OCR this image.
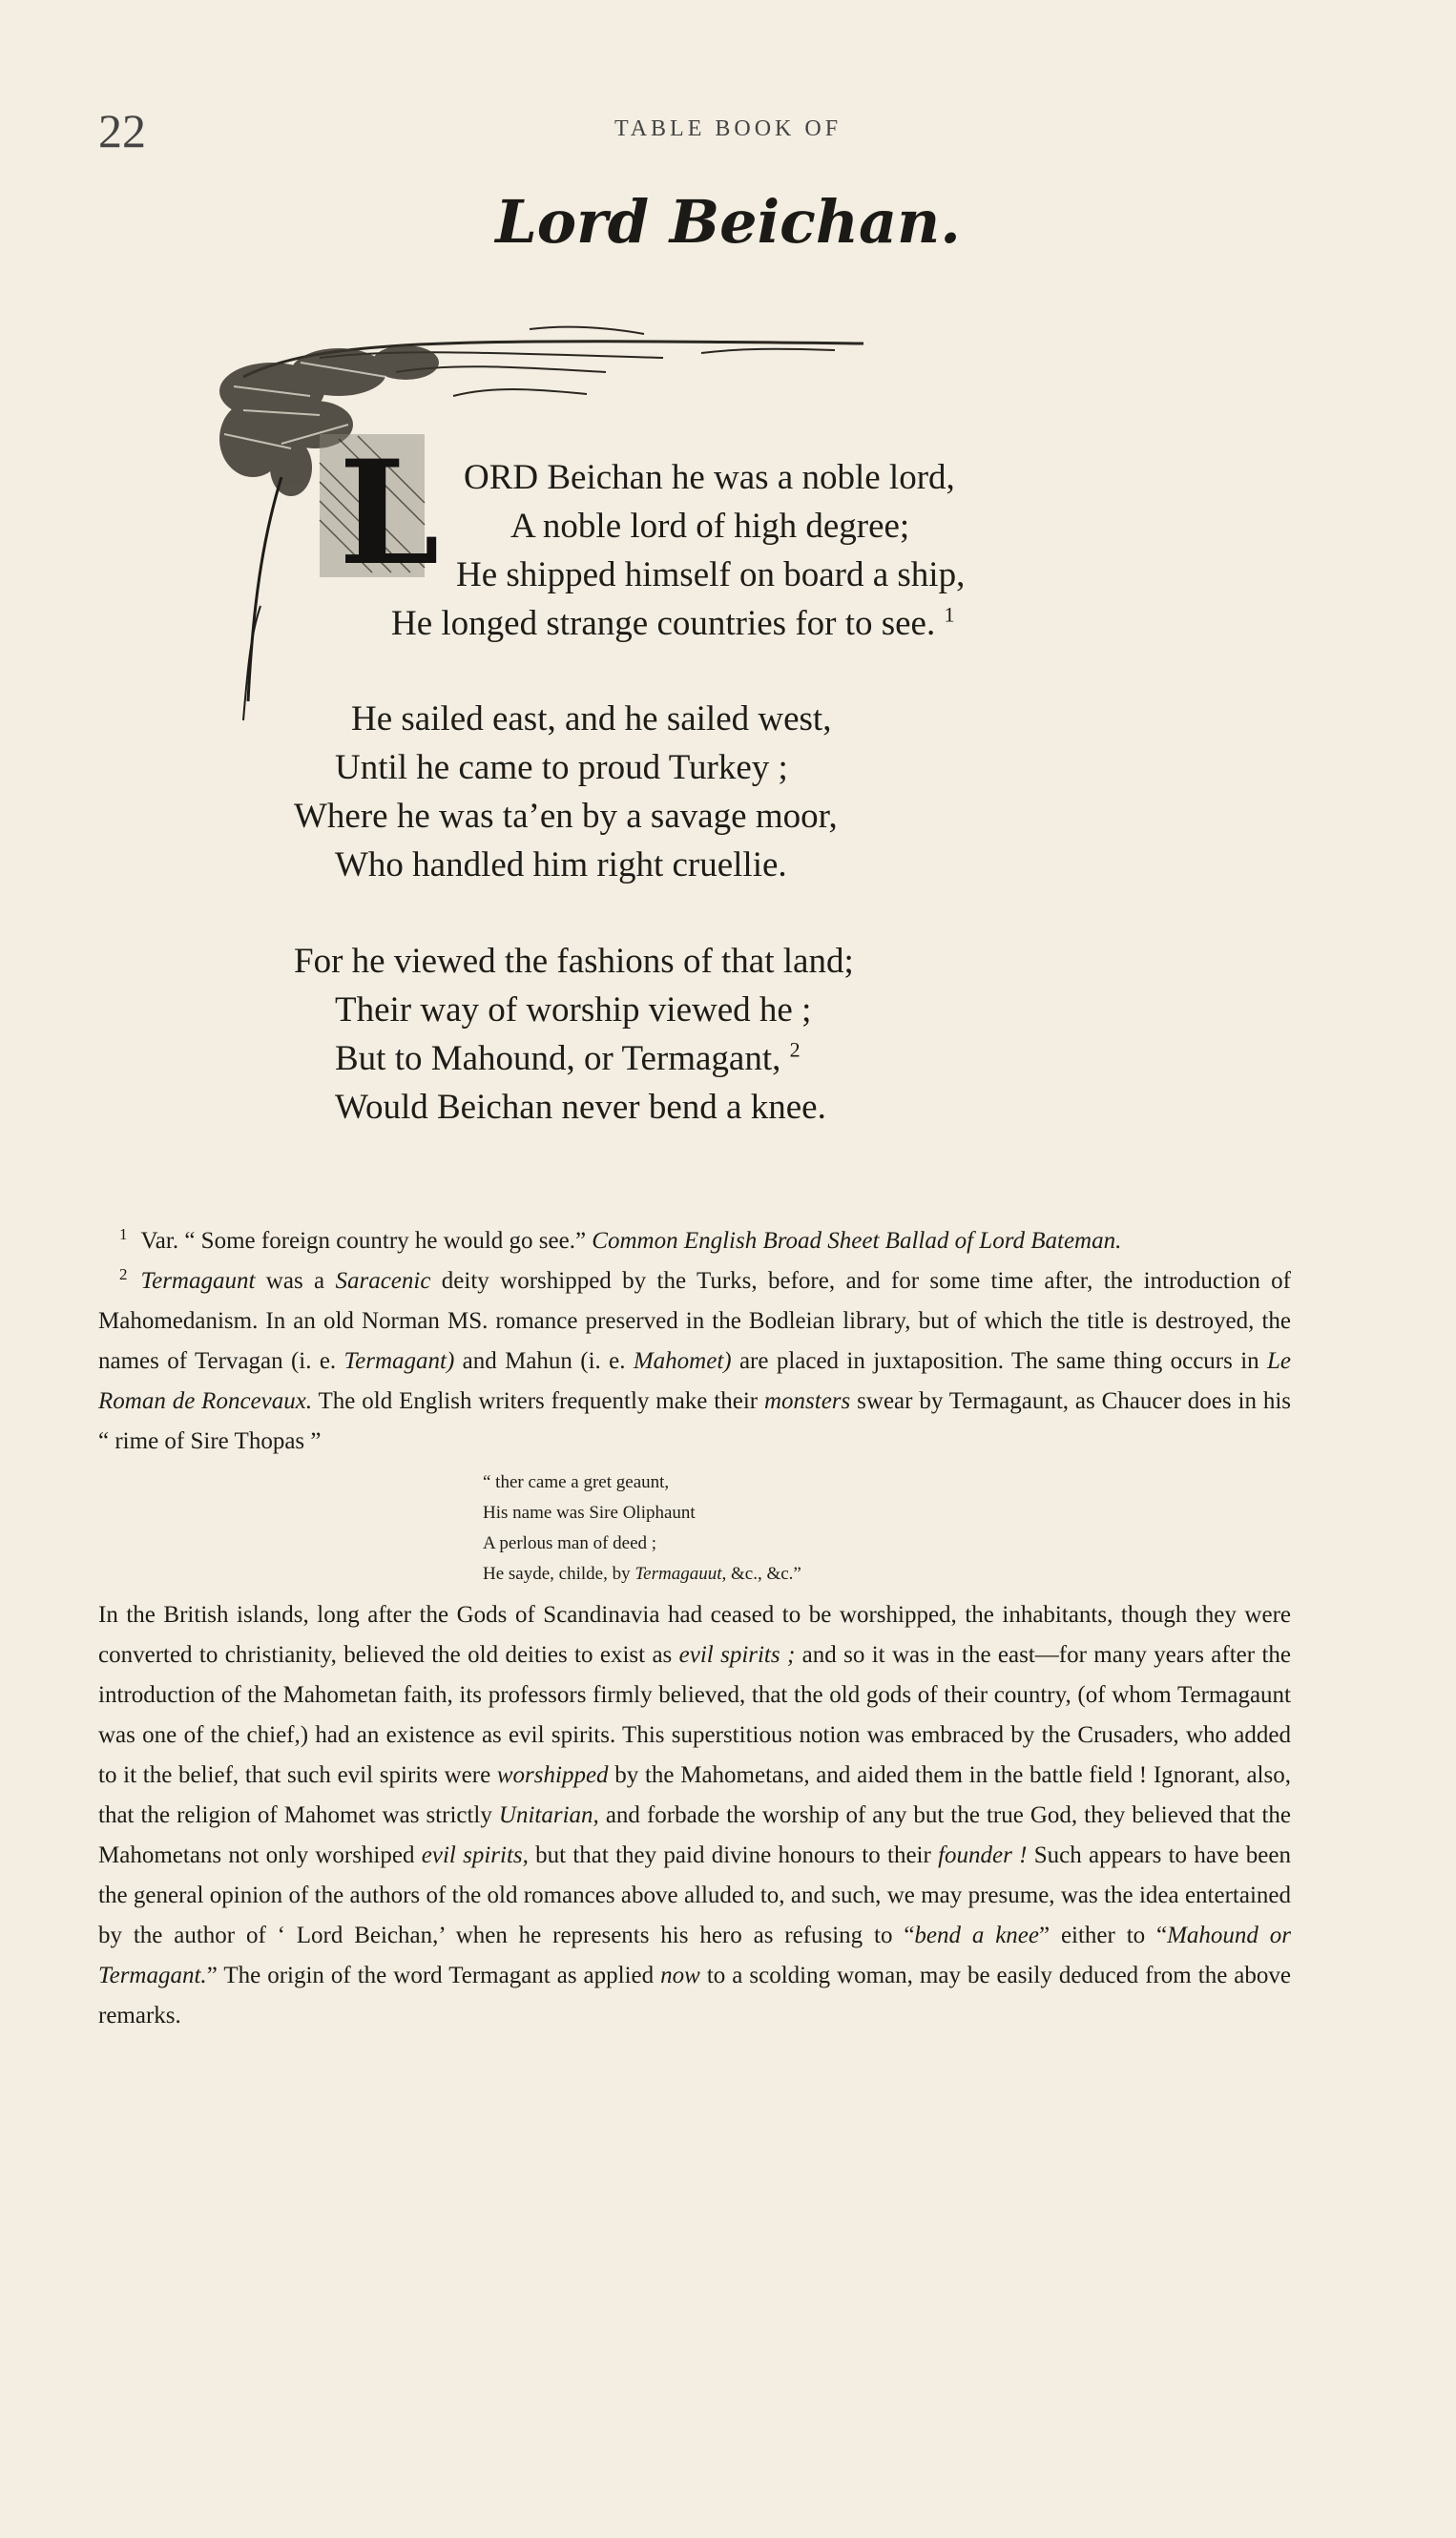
22	TABLE BOOK OF
Lord Beichan.
L ORD Beichan he was a noble lord,
A noble lord of high degree;
He shipped himself on board a ship,
He longed strange countries for to see. $^1$
He sailed east, and he sailed west,
Until he came to proud Turkey ;
Where he was ta’en by a savage moor,
Who handled him right cruellie.
For he viewed the fashions of that land;
Their way of worship viewed he ;
But to Mahound, or Termagant, $^2$
Would Beichan never bend a knee.

$^1$ Var. “ Some foreign country he would go see.” Common English Broad Sheet Ballad of Lord Bateman.

$^2$ Termagaunt was a Saracenic deity worshipped by the Turks, before, and for some time after, the introduction of Mahomedanism. In an old Norman MS. romance preserved in the Bodleian library, but of which the title is destroyed, the names of Tervagan (i. e. Termagant) and Mahun (i. e. Mahomet) are placed in juxtaposition. The same thing occurs in Le Roman de Roncevaux. The old English writers frequently make their monsters swear by Termagaunt, as Chaucer does in his “ rime of Sire Thopas ”

“ ther came a gret geaunt,
His name was Sire Oliphaunt
A perlous man of deed ;
He sayde, childe, by Termagauut, &c., &c.”

In the British islands, long after the Gods of Scandinavia had ceased to be worshipped, the inhabitants, though they were converted to christianity, believed the old deities to exist as evil spirits ; and so it was in the east—for many years after the introduction of the Mahometan faith, its professors firmly believed, that the old gods of their country, (of whom Termagaunt was one of the chief,) had an existence as evil spirits. This superstitious notion was embraced by the Crusaders, who added to it the belief, that such evil spirits were worshipped by the Mahometans, and aided them in the battle field ! Ignorant, also, that the religion of Mahomet was strictly Unitarian, and forbade the worship of any but the true God, they believed that the Mahometans not only worshiped evil spirits, but that they paid divine honours to their founder ! Such appears to have been the general opinion of the authors of the old romances above alluded to, and such, we may presume, was the idea entertained by the author of ‘ Lord Beichan,’ when he represents his hero as refusing to “bend a knee” either to “Mahound or Termagant.” The origin of the word Termagant as applied now to a scolding woman, may be easily deduced from the above remarks.
